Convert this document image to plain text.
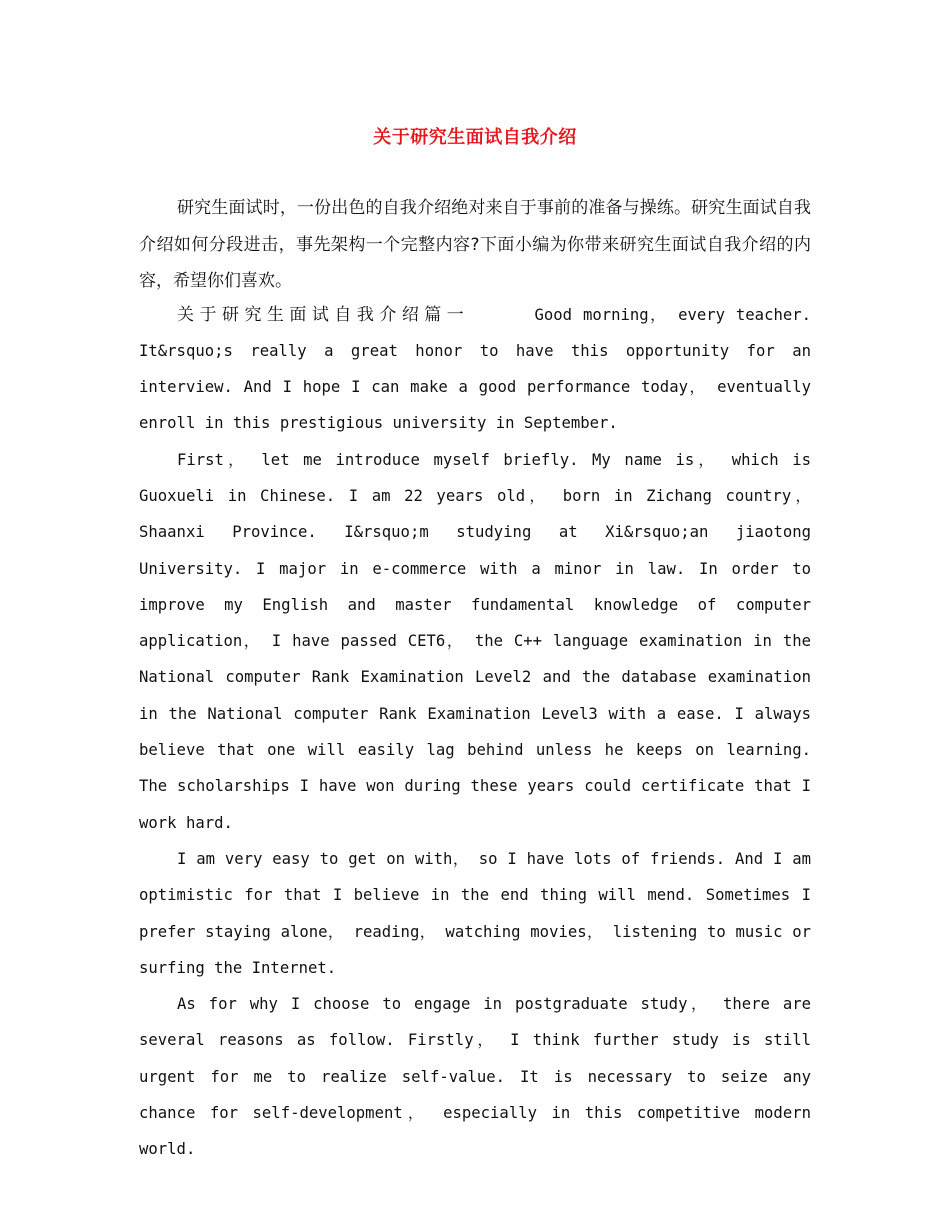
关于研究生面试自我介绍

研究生面试时，一份出色的自我介绍绝对来自于事前的准备与操练。研究生面试自我介绍如何分段进击，事先架构一个完整内容?下面小编为你带来研究生面试自我介绍的内容，希望你们喜欢。

关于研究生面试自我介绍篇一	Good morning， every teacher. It&rsquo;s really a great honor to have this opportunity for an interview. And I hope I can make a good performance today， eventually enroll in this prestigious university in September.

First， let me introduce myself briefly. My name is， which is Guoxueli in Chinese. I am 22 years old， born in Zichang country， Shaanxi Province. I&rsquo;m studying at Xi&rsquo;an jiaotong University. I major in e-commerce with a minor in law. In order to improve my English and master fundamental knowledge of computer application， I have passed CET6， the C++ language examination in the National computer Rank Examination Level2 and the database examination in the National computer Rank Examination Level3 with a ease. I always believe that one will easily lag behind unless he keeps on learning. The scholarships I have won during these years could certificate that I work hard.

I am very easy to get on with， so I have lots of friends. And I am optimistic for that I believe in the end thing will mend. Sometimes I prefer staying alone， reading， watching movies， listening to music or surfing the Internet.

As for why I choose to engage in postgraduate study， there are several reasons as follow. Firstly， I think further study is still urgent for me to realize self-value. It is necessary to seize any chance for self-development， especially in this competitive modern world.
